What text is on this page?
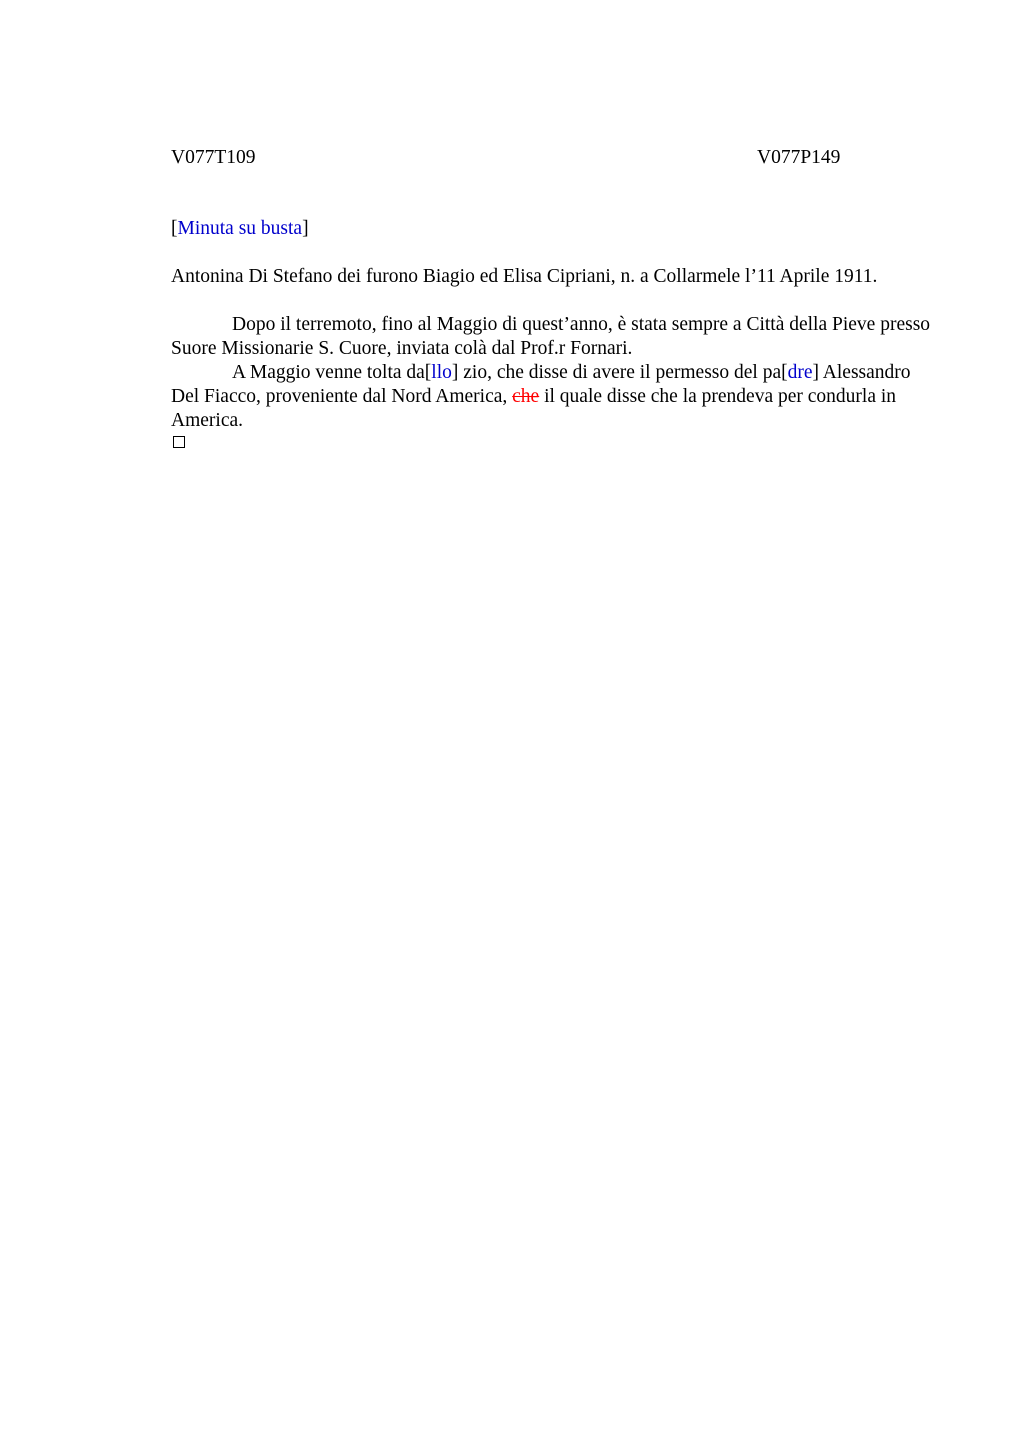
V077T109	V077P149
[Minuta su busta]
Antonina Di Stefano dei furono Biagio ed Elisa Cipriani, n. a Collarmele l’11 Aprile 1911.

Dopo il terremoto, fino al Maggio di quest’anno, è stata sempre a Città della Pieve presso Suore Missionarie S. Cuore, inviata colà dal Prof.r Fornari.

A Maggio venne tolta da[llo] zio, che disse di avere il permesso del pa[dre] Alessandro Del Fiacco, proveniente dal Nord America, che il quale disse che la prendeva per condurla in America.
